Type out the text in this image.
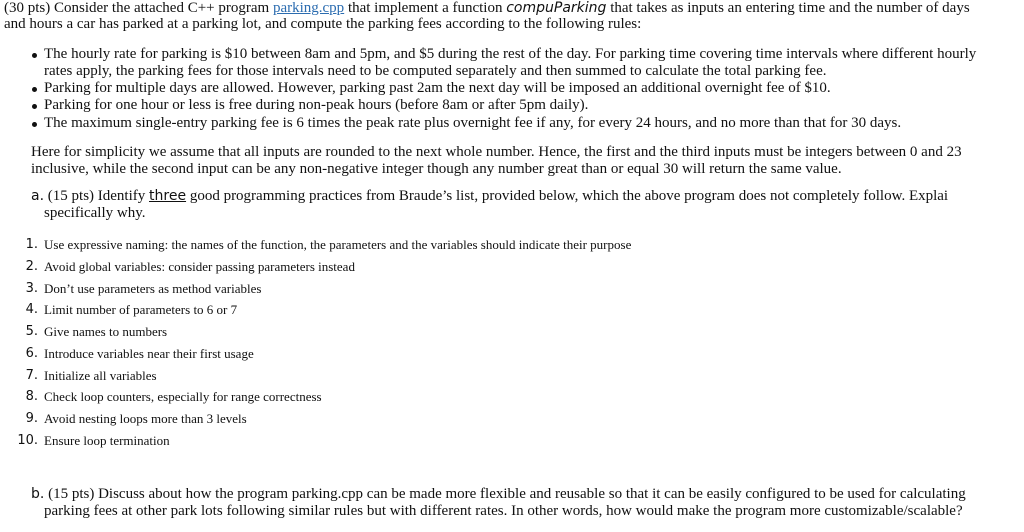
(30 pts) Consider the attached C++ program parking.cpp that implement a function compuParking that takes as inputs an entering time and the number of days
and hours a car has parked at a parking lot, and compute the parking fees according to the following rules:
The hourly rate for parking is $10 between 8am and 5pm, and $5 during the rest of the day. For parking time covering time intervals where different hourly
rates apply, the parking fees for those intervals need to be computed separately and then summed to calculate the total parking fee.
Parking for multiple days are allowed. However, parking past 2am the next day will be imposed an additional overnight fee of $10.
Parking for one hour or less is free during non-peak hours (before 8am or after 5pm daily).
The maximum single-entry parking fee is 6 times the peak rate plus overnight fee if any, for every 24 hours, and no more than that for 30 days.
Here for simplicity we assume that all inputs are rounded to the next whole number. Hence, the first and the third inputs must be integers between 0 and 23
inclusive, while the second input can be any non-negative integer though any number great than or equal 30 will return the same value.
a. (15 pts) Identify three good programming practices from Braude’s list, provided below, which the above program does not completely follow. Explai
specifically why.
1. Use expressive naming: the names of the function, the parameters and the variables should indicate their purpose
2. Avoid global variables: consider passing parameters instead
3. Don’t use parameters as method variables
4. Limit number of parameters to 6 or 7
5. Give names to numbers
6. Introduce variables near their first usage
7. Initialize all variables
8. Check loop counters, especially for range correctness
9. Avoid nesting loops more than 3 levels
10. Ensure loop termination
b. (15 pts) Discuss about how the program parking.cpp can be made more flexible and reusable so that it can be easily configured to be used for calculating
parking fees at other park lots following similar rules but with different rates. In other words, how would make the program more customizable/scalable?
